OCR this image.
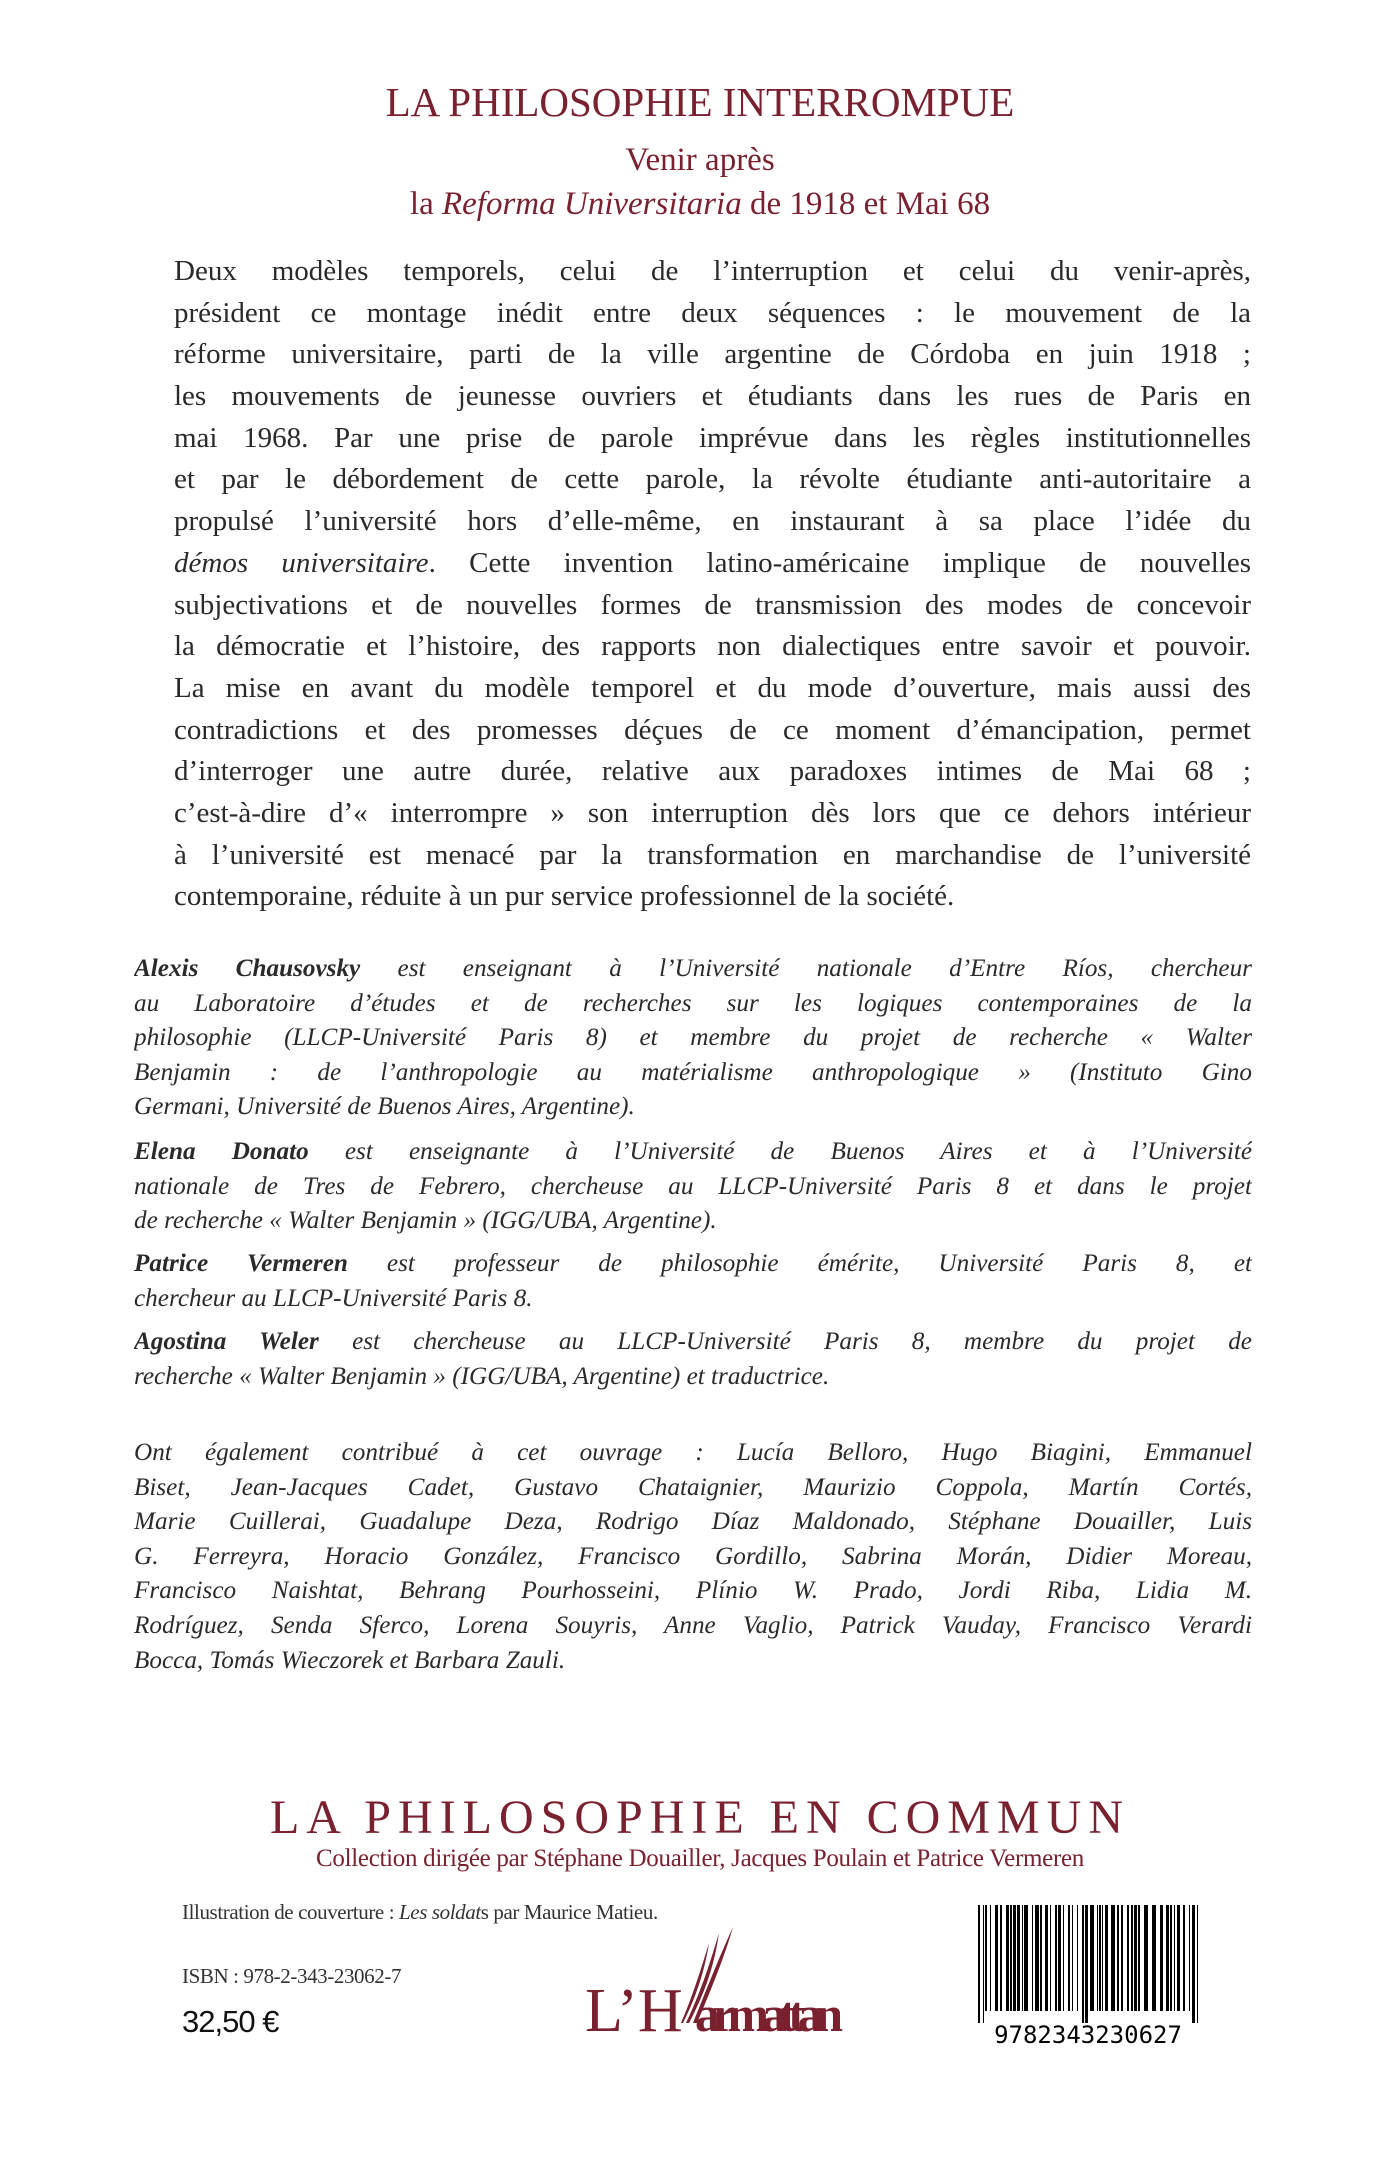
LA PHILOSOPHIE INTERROMPUE
Venir après
la Reforma Universitaria de 1918 et Mai 68
Deux modèles temporels, celui de l’interruption et celui du venir-après,
président ce montage inédit entre deux séquences : le mouvement de la
réforme universitaire, parti de la ville argentine de Córdoba en juin 1918 ;
les mouvements de jeunesse ouvriers et étudiants dans les rues de Paris en
mai 1968. Par une prise de parole imprévue dans les règles institutionnelles
et par le débordement de cette parole, la révolte étudiante anti-autoritaire a
propulsé l’université hors d’elle-même, en instaurant à sa place l’idée du
démos universitaire. Cette invention latino-américaine implique de nouvelles
subjectivations et de nouvelles formes de transmission des modes de concevoir
la démocratie et l’histoire, des rapports non dialectiques entre savoir et pouvoir.
La mise en avant du modèle temporel et du mode d’ouverture, mais aussi des
contradictions et des promesses déçues de ce moment d’émancipation, permet
d’interroger une autre durée, relative aux paradoxes intimes de Mai 68 ;
c’est-à-dire d’« interrompre » son interruption dès lors que ce dehors intérieur
à l’université est menacé par la transformation en marchandise de l’université
contemporaine, réduite à un pur service professionnel de la société.
Alexis Chausovsky est enseignant à l’Université nationale d’Entre Ríos, chercheur
au Laboratoire d’études et de recherches sur les logiques contemporaines de la
philosophie (LLCP-Université Paris 8) et membre du projet de recherche « Walter
Benjamin : de l’anthropologie au matérialisme anthropologique » (Instituto Gino
Germani, Université de Buenos Aires, Argentine).
Elena Donato est enseignante à l’Université de Buenos Aires et à l’Université
nationale de Tres de Febrero, chercheuse au LLCP-Université Paris 8 et dans le projet
de recherche « Walter Benjamin » (IGG/UBA, Argentine).
Patrice Vermeren est professeur de philosophie émérite, Université Paris 8, et
chercheur au LLCP-Université Paris 8.
Agostina Weler est chercheuse au LLCP-Université Paris 8, membre du projet de
recherche « Walter Benjamin » (IGG/UBA, Argentine) et traductrice.
Ont également contribué à cet ouvrage : Lucía Belloro, Hugo Biagini, Emmanuel
Biset, Jean-Jacques Cadet, Gustavo Chataignier, Maurizio Coppola, Martín Cortés,
Marie Cuillerai, Guadalupe Deza, Rodrigo Díaz Maldonado, Stéphane Douailler, Luis
G. Ferreyra, Horacio González, Francisco Gordillo, Sabrina Morán, Didier Moreau,
Francisco Naishtat, Behrang Pourhosseini, Plínio W. Prado, Jordi Riba, Lidia M.
Rodríguez, Senda Sferco, Lorena Souyris, Anne Vaglio, Patrick Vauday, Francisco Verardi
Bocca, Tomás Wieczorek et Barbara Zauli.
LA PHILOSOPHIE EN COMMUN
Collection dirigée par Stéphane Douailler, Jacques Poulain et Patrice Vermeren
Illustration de couverture : Les soldats par Maurice Matieu.
ISBN : 978-2-343-23062-7
32,50 €	L’H armattan	9782343230627
